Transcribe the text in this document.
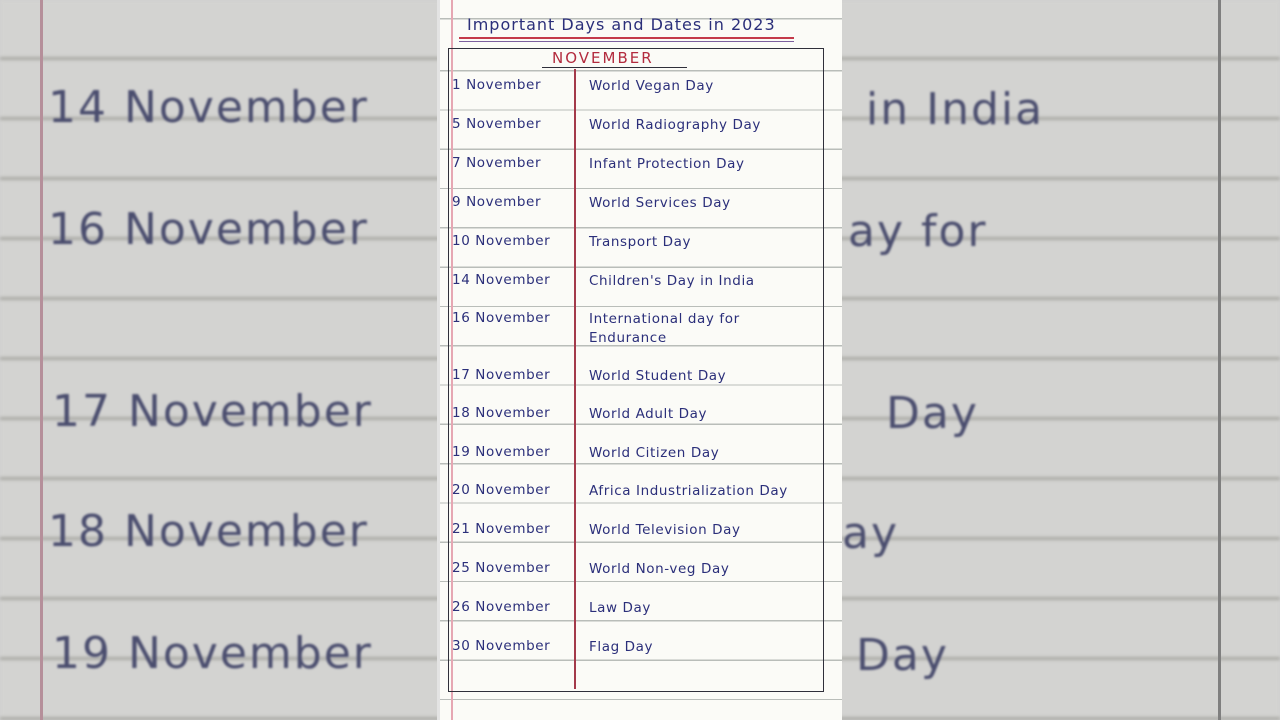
14 November
16 November
17 November
18 November
19 November
in India
ay for
Day
ay
Day
Important Days and Dates in 2023
NOVEMBER
1 November	World Vegan Day
5 November	World Radiography Day
7 November	Infant Protection Day
9 November	World Services Day
10 November	Transport Day
14 November	Children's Day in India
16 November	International day for Endurance
17 November	World Student Day
18 November	World Adult Day
19 November	World Citizen Day
20 November	Africa Industrialization Day
21 November	World Television Day
25 November	World Non-veg Day
26 November	Law Day
30 November	Flag Day
